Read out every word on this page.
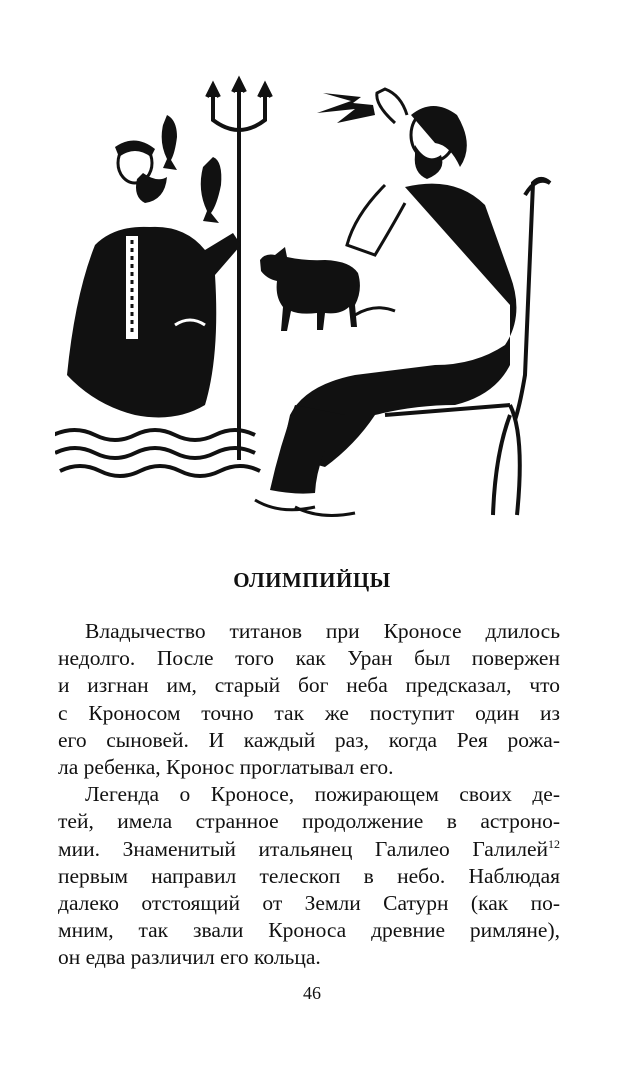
ОЛИМПИЙЦЫ

Владычество титанов при Кроносе длилось
недолго. После того как Уран был повержен
и изгнан им, старый бог неба предсказал, что
с Кроносом точно так же поступит один из
его сыновей. И каждый раз, когда Рея рожа-
ла ребенка, Кронос проглатывал его.

Легенда о Кроносе, пожирающем своих де-
тей, имела странное продолжение в астроно-
мии. Знаменитый итальянец Галилео Галилей$^{12}$
первым направил телескоп в небо. Наблюдая
далеко отстоящий от Земли Сатурн (как по-
мним, так звали Кроноса древние римляне),
он едва различил его кольца.

46
